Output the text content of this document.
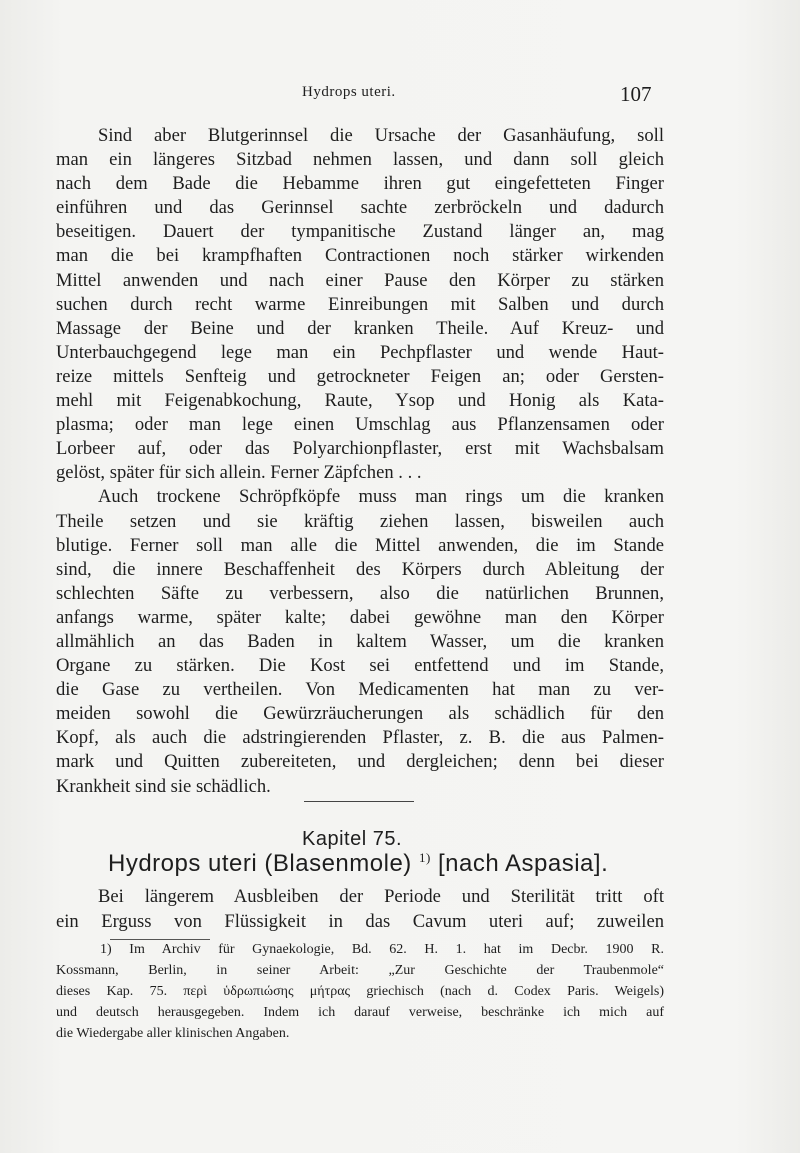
Hydrops uteri.	107
Sind aber Blutgerinnsel die Ursache der Gasanhäufung, soll
man ein längeres Sitzbad nehmen lassen, und dann soll gleich
nach dem Bade die Hebamme ihren gut eingefetteten Finger
einführen und das Gerinnsel sachte zerbröckeln und dadurch
beseitigen. Dauert der tympanitische Zustand länger an, mag
man die bei krampfhaften Contractionen noch stärker wirkenden
Mittel anwenden und nach einer Pause den Körper zu stärken
suchen durch recht warme Einreibungen mit Salben und durch
Massage der Beine und der kranken Theile. Auf Kreuz- und
Unterbauchgegend lege man ein Pechpflaster und wende Haut-
reize mittels Senfteig und getrockneter Feigen an; oder Gersten-
mehl mit Feigenabkochung, Raute, Ysop und Honig als Kata-
plasma; oder man lege einen Umschlag aus Pflanzensamen oder
Lorbeer auf, oder das Polyarchionpflaster, erst mit Wachsbalsam
gelöst, später für sich allein. Ferner Zäpfchen . . .
Auch trockene Schröpfköpfe muss man rings um die kranken
Theile setzen und sie kräftig ziehen lassen, bisweilen auch
blutige. Ferner soll man alle die Mittel anwenden, die im Stande
sind, die innere Beschaffenheit des Körpers durch Ableitung der
schlechten Säfte zu verbessern, also die natürlichen Brunnen,
anfangs warme, später kalte; dabei gewöhne man den Körper
allmählich an das Baden in kaltem Wasser, um die kranken
Organe zu stärken. Die Kost sei entfettend und im Stande,
die Gase zu vertheilen. Von Medicamenten hat man zu ver-
meiden sowohl die Gewürzräucherungen als schädlich für den
Kopf, als auch die adstringierenden Pflaster, z. B. die aus Palmen-
mark und Quitten zubereiteten, und dergleichen; denn bei dieser
Krankheit sind sie schädlich.
Kapitel 75.
Hydrops uteri (Blasenmole) $^{1)}$ [nach Aspasia].
Bei längerem Ausbleiben der Periode und Sterilität tritt oft
ein Erguss von Flüssigkeit in das Cavum uteri auf; zuweilen
1) Im Archiv für Gynaekologie, Bd. 62. H. 1. hat im Decbr. 1900 R.
Kossmann, Berlin, in seiner Arbeit: „Zur Geschichte der Traubenmole“
dieses Kap. 75. περὶ ὑδρωπιώσης μήτρας griechisch (nach d. Codex Paris. Weigels)
und deutsch herausgegeben. Indem ich darauf verweise, beschränke ich mich auf
die Wiedergabe aller klinischen Angaben.
